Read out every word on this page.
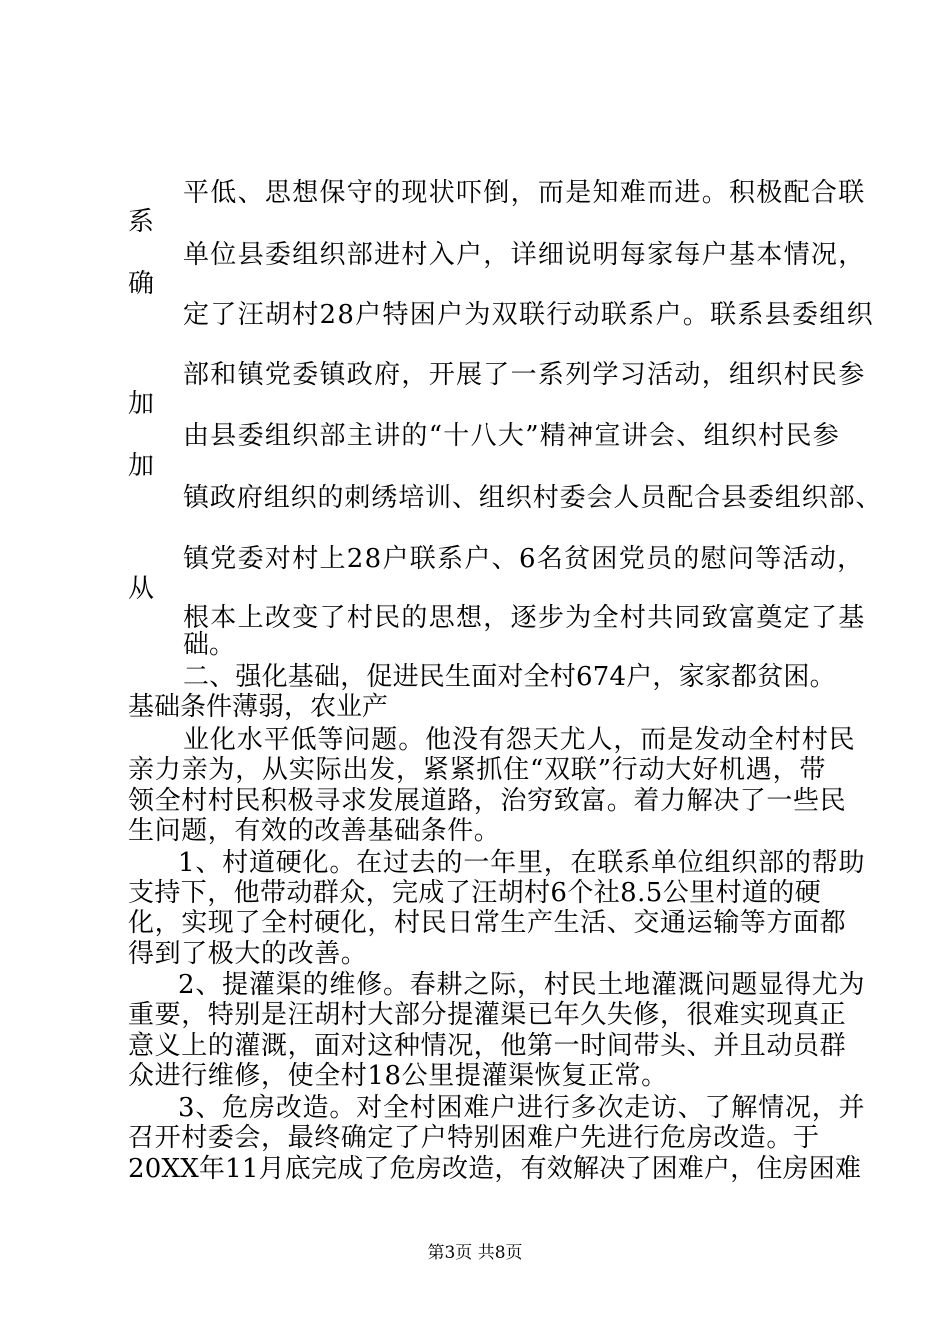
平低、思想保守的现状吓倒，而是知难而进。积极配合联

系

单位县委组织部进村入户，详细说明每家每户基本情况，

确

定了汪胡村28户特困户为双联行动联系户。联系县委组织

部和镇党委镇政府，开展了一系列学习活动，组织村民参

加

由县委组织部主讲的“十八大”精神宣讲会、组织村民参

加

镇政府组织的刺绣培训、组织村委会人员配合县委组织部、

镇党委对村上28户联系户、6名贫困党员的慰问等活动，

从

根本上改变了村民的思想，逐步为全村共同致富奠定了基

础。

二、强化基础，促进民生面对全村674户，家家都贫困。

基础条件薄弱，农业产

业化水平低等问题。他没有怨天尤人，而是发动全村村民

亲力亲为，从实际出发，紧紧抓住“双联”行动大好机遇，带

领全村村民积极寻求发展道路，治穷致富。着力解决了一些民

生问题，有效的改善基础条件。

1、村道硬化。在过去的一年里，在联系单位组织部的帮助

支持下，他带动群众，完成了汪胡村6个社8.5公里村道的硬

化，实现了全村硬化，村民日常生产生活、交通运输等方面都

得到了极大的改善。

2、提灌渠的维修。春耕之际，村民土地灌溉问题显得尤为

重要，特别是汪胡村大部分提灌渠已年久失修，很难实现真正

意义上的灌溉，面对这种情况，他第一时间带头、并且动员群

众进行维修，使全村18公里提灌渠恢复正常。

3、危房改造。对全村困难户进行多次走访、了解情况，并

召开村委会，最终确定了户特别困难户先进行危房改造。于

20XX年11月底完成了危房改造，有效解决了困难户，住房困难

第3页 共8页
